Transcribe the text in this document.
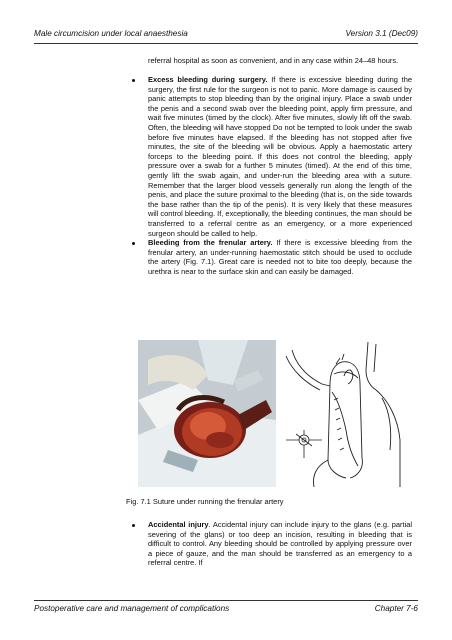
Male circumcision under local anaesthesia	Version 3.1 (Dec09)
referral hospital as soon as convenient, and in any case within 24–48 hours.
Excess bleeding during surgery. If there is excessive bleeding during the surgery, the first rule for the surgeon is not to panic. More damage is caused by panic attempts to stop bleeding than by the original injury. Place a swab under the penis and a second swab over the bleeding point, apply firm pressure, and wait five minutes (timed by the clock). After five minutes, slowly lift off the swab. Often, the bleeding will have stopped Do not be tempted to look under the swab before five minutes have elapsed. If the bleeding has not stopped after five minutes, the site of the bleeding will be obvious. Apply a haemostatic artery forceps to the bleeding point. If this does not control the bleeding, apply pressure over a swab for a further 5 minutes (timed). At the end of this time, gently lift the swab again, and under-run the bleeding area with a suture. Remember that the larger blood vessels generally run along the length of the penis, and place the suture proximal to the bleeding (that is, on the side towards the base rather than the tip of the penis). It is very likely that these measures will control bleeding. If, exceptionally, the bleeding continues, the man should be transferred to a referral centre as an emergency, or a more experienced surgeon should be called to help.
Bleeding from the frenular artery. If there is excessive bleeding from the frenular artery, an under-running haemostatic stitch should be used to occlude the artery (Fig. 7.1). Great care is needed not to bite too deeply, because the urethra is near to the surface skin and can easily be damaged.
Fig. 7.1 Suture under running the frenular artery
Accidental injury. Accidental injury can include injury to the glans (e.g. partial severing of the glans) or too deep an incision, resulting in bleeding that is difficult to control. Any bleeding should be controlled by applying pressure over a piece of gauze, and the man should be transferred as an emergency to a referral centre. If
Postoperative care and management of complications	Chapter 7-6
